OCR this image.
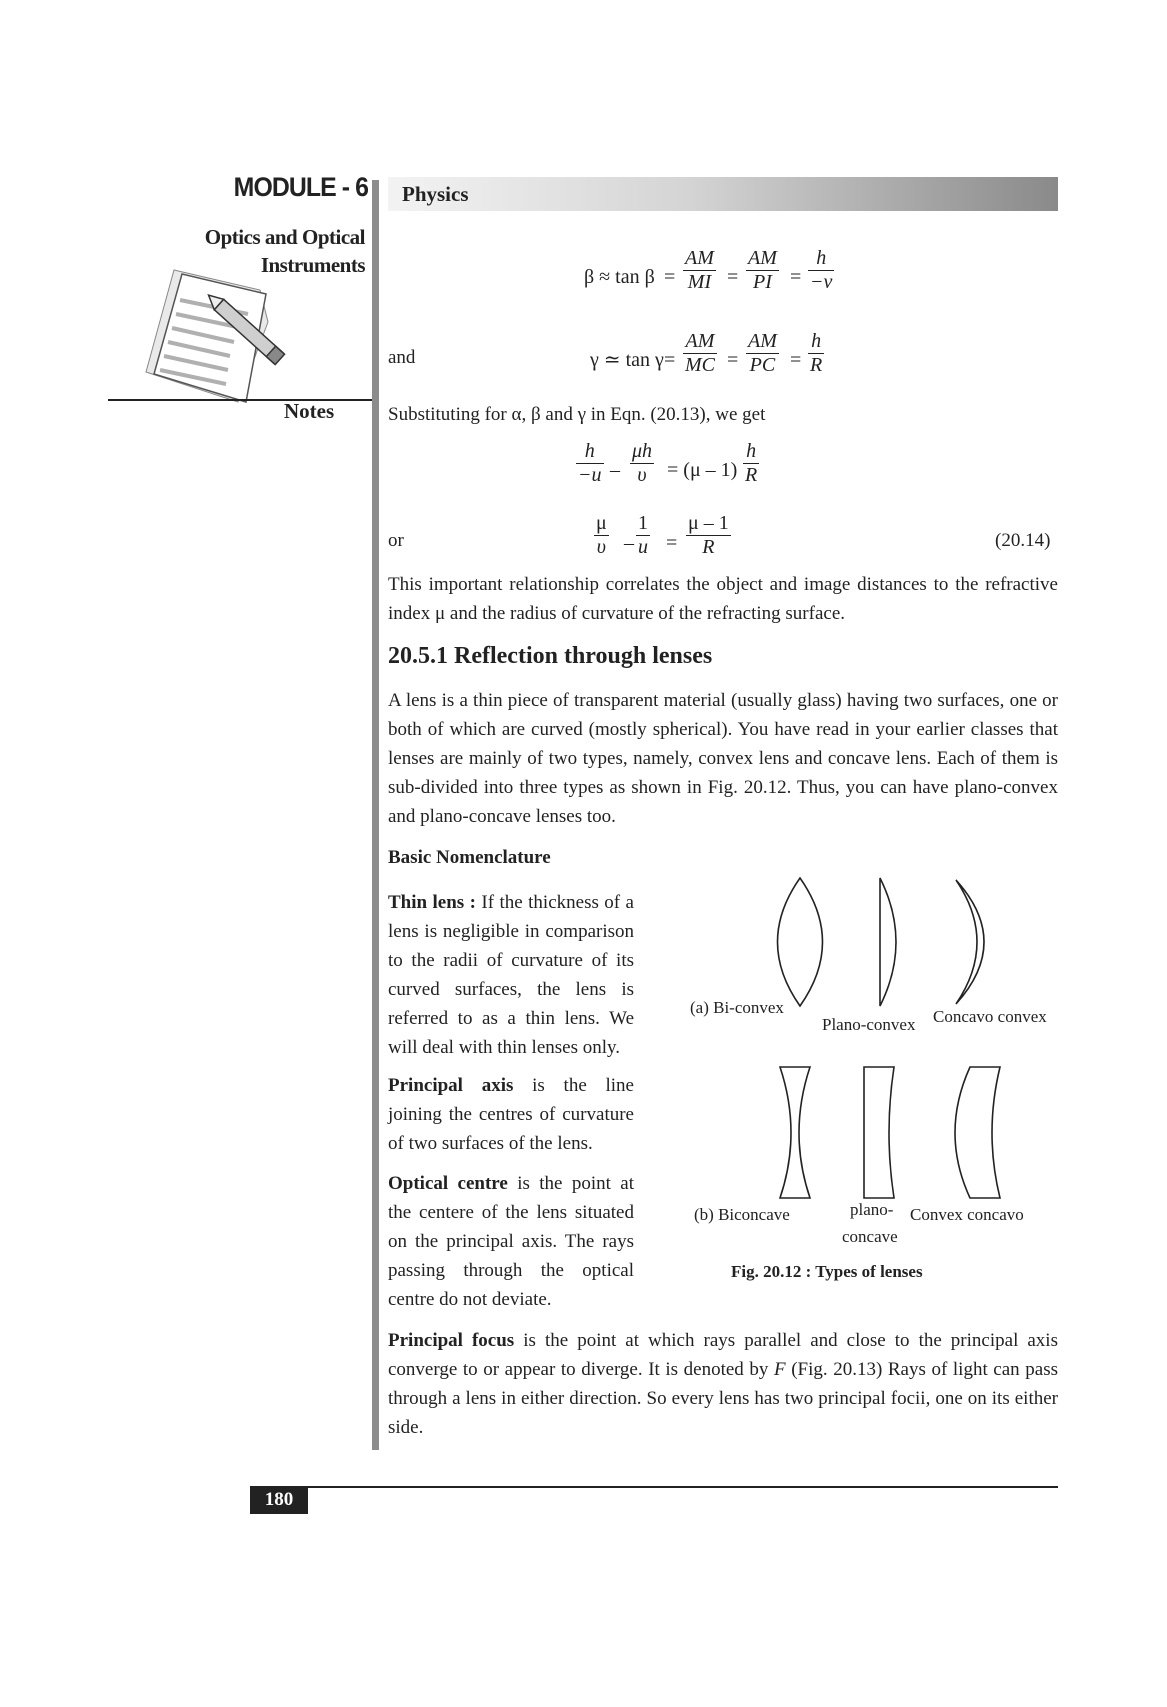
MODULE - 6 Physics
Optics and Optical
Instruments
Notes
$\beta \approx \tan \beta = \frac{AM}{MI} = \frac{AM}{PI} = \frac{h}{-v}$
and	γ ≃ $\tan \gamma = \frac{AM}{MC} = \frac{AM}{PC} = \frac{h}{R}$
Substituting for α, β and γ in Eqn. (20.13), we get
$\frac{h}{-u} - \frac{\mu h}{\upsilon} = (\mu - 1) \frac{h}{R}$
or	$\frac{\mu}{\upsilon} - \frac{1}{u} = \frac{\mu - 1}{R}$	(20.14)
This important relationship correlates the object and image distances to the refractive index μ and the radius of curvature of the refracting surface.
20.5.1 Reflection through lenses
A lens is a thin piece of transparent material (usually glass) having two surfaces, one or both of which are curved (mostly spherical). You have read in your earlier classes that lenses are mainly of two types, namely, convex lens and concave lens. Each of them is sub-divided into three types as shown in Fig. 20.12. Thus, you can have plano-convex and plano-concave lenses too.
Basic Nomenclature
Thin lens : If the thickness of a lens is negligible in comparison to the radii of curvature of its curved surfaces, the lens is referred to as a thin lens. We will deal with thin lenses only.
Principal axis is the line joining the centres of curvature of two surfaces of the lens.
Optical centre is the point at the centere of the lens situated on the principal axis. The rays passing through the optical centre do not deviate.
(a) Bi-convex
Plano-convex Concavo convex
(b) Biconcave	plano-
concave
Convex concavo
Fig. 20.12 : Types of lenses
Principal focus is the point at which rays parallel and close to the principal axis converge to or appear to diverge. It is denoted by F (Fig. 20.13) Rays of light can pass through a lens in either direction. So every lens has two principal focii, one on its either side.
180
